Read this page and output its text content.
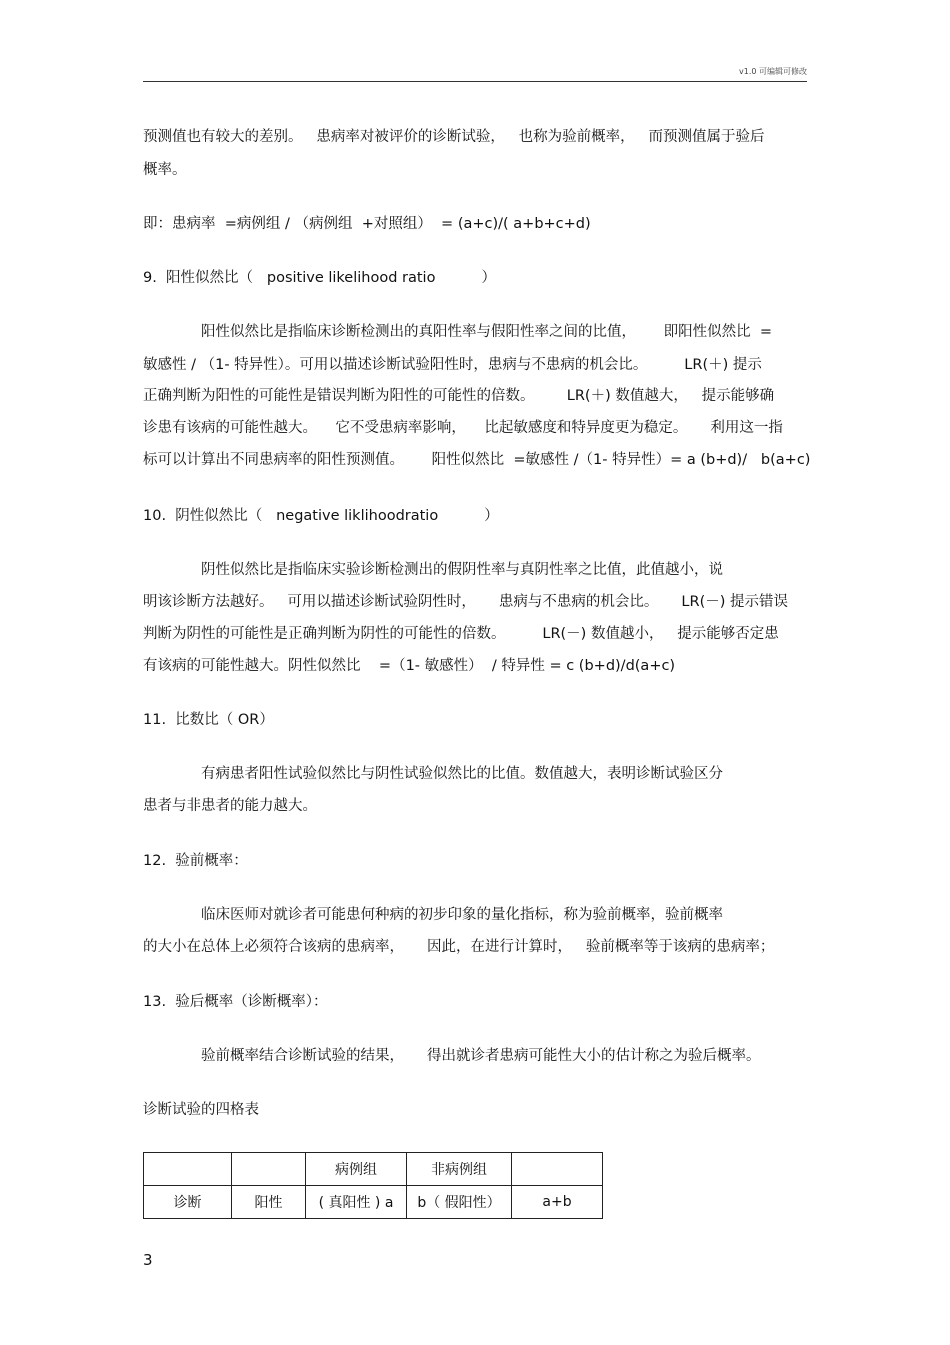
v1.0 可编辑可修改
预测值也有较大的差别。   患病率对被评价的诊断试验，   也称为验前概率，   而预测值属于验后
概率。
即：患病率  =病例组 / （病例组  +对照组）  = (a+c)/( a+b+c+d)
9.  阳性似然比（   positive likelihood ratio          ）
阳性似然比是指临床诊断检测出的真阳性率与假阳性率之间的比值，      即阳性似然比  =
敏感性 / （1- 特异性）。可用以描述诊断试验阳性时，患病与不患病的机会比。        LR(＋) 提示
正确判断为阳性的可能性是错误判断为阳性的可能性的倍数。       LR(＋) 数值越大，   提示能够确
诊患有该病的可能性越大。    它不受患病率影响，    比起敏感度和特异度更为稳定。     利用这一指
标可以计算出不同患病率的阳性预测值。      阳性似然比  =敏感性 /（1- 特异性）= a (b+d)/   b(a+c)
10.  阴性似然比（   negative liklihoodratio          ）
阴性似然比是指临床实验诊断检测出的假阴性率与真阴性率之比值，此值越小，说
明该诊断方法越好。   可用以描述诊断试验阴性时，     患病与不患病的机会比。     LR(－) 提示错误
判断为阴性的可能性是正确判断为阴性的可能性的倍数。        LR(－) 数值越小，   提示能够否定患
有该病的可能性越大。阴性似然比    =（1- 敏感性）  / 特异性 = c (b+d)/d(a+c)
11.  比数比（ OR）
有病患者阳性试验似然比与阴性试验似然比的比值。数值越大，表明诊断试验区分
患者与非患者的能力越大。
12.  验前概率：
临床医师对就诊者可能患何种病的初步印象的量化指标，称为验前概率，验前概率
的大小在总体上必须符合该病的患病率，     因此，在进行计算时，   验前概率等于该病的患病率；
13.  验后概率（诊断概率）：
验前概率结合诊断试验的结果，     得出就诊者患病可能性大小的估计称之为验后概率。
诊断试验的四格表
		病例组	非病例组	
诊断	阳性	( 真阳性 ) a	b（ 假阳性）	a+b
3
